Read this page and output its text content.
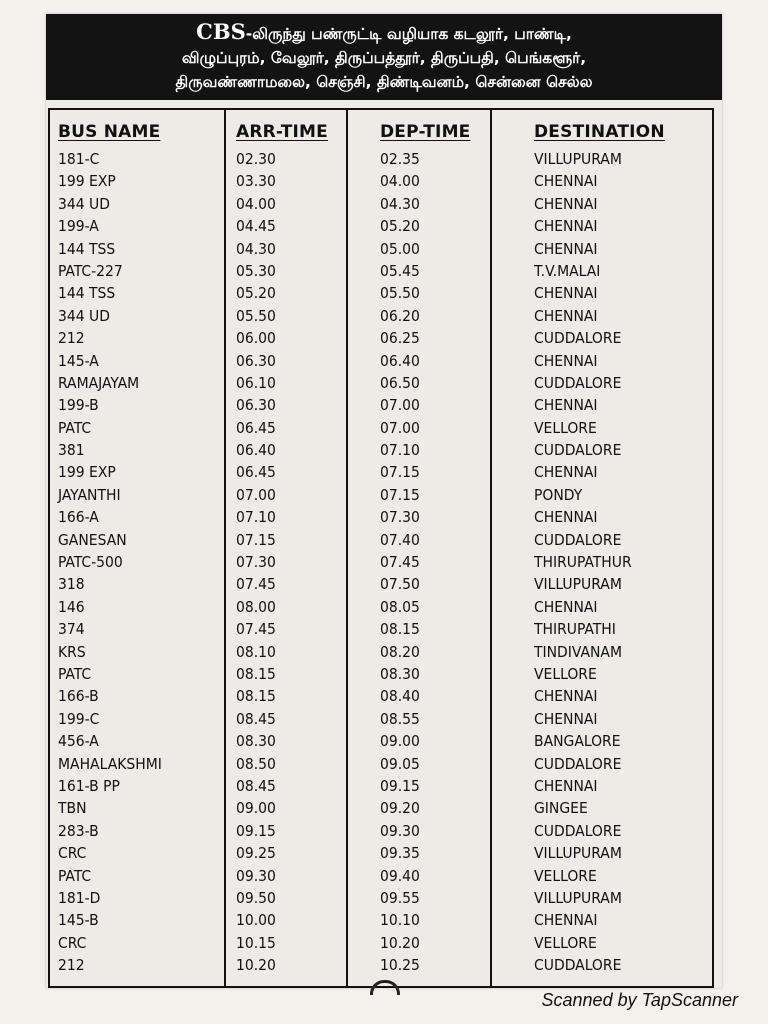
CBS-லிருந்து பண்ருட்டி வழியாக கடலூர், பாண்டி,
விழுப்புரம், வேலூர், திருப்பத்தூர், திருப்பதி, பெங்களூர்,
திருவண்ணாமலை, செஞ்சி, திண்டிவனம், சென்னை செல்ல
BUS NAME	ARR-TIME	DEP-TIME	DESTINATION
181-C	02.30	02.35	VILLUPURAM
199 EXP	03.30	04.00	CHENNAI
344 UD	04.00	04.30	CHENNAI
199-A	04.45	05.20	CHENNAI
144 TSS	04.30	05.00	CHENNAI
PATC-227	05.30	05.45	T.V.MALAI
144 TSS	05.20	05.50	CHENNAI
344 UD	05.50	06.20	CHENNAI
212	06.00	06.25	CUDDALORE
145-A	06.30	06.40	CHENNAI
RAMAJAYAM	06.10	06.50	CUDDALORE
199-B	06.30	07.00	CHENNAI
PATC	06.45	07.00	VELLORE
381	06.40	07.10	CUDDALORE
199 EXP	06.45	07.15	CHENNAI
JAYANTHI	07.00	07.15	PONDY
166-A	07.10	07.30	CHENNAI
GANESAN	07.15	07.40	CUDDALORE
PATC-500	07.30	07.45	THIRUPATHUR
318	07.45	07.50	VILLUPURAM
146	08.00	08.05	CHENNAI
374	07.45	08.15	THIRUPATHI
KRS	08.10	08.20	TINDIVANAM
PATC	08.15	08.30	VELLORE
166-B	08.15	08.40	CHENNAI
199-C	08.45	08.55	CHENNAI
456-A	08.30	09.00	BANGALORE
MAHALAKSHMI	08.50	09.05	CUDDALORE
161-B PP	08.45	09.15	CHENNAI
TBN	09.00	09.20	GINGEE
283-B	09.15	09.30	CUDDALORE
CRC	09.25	09.35	VILLUPURAM
PATC	09.30	09.40	VELLORE
181-D	09.50	09.55	VILLUPURAM
145-B	10.00	10.10	CHENNAI
CRC	10.15	10.20	VELLORE
212	10.20	10.25	CUDDALORE
Scanned by TapScanner
